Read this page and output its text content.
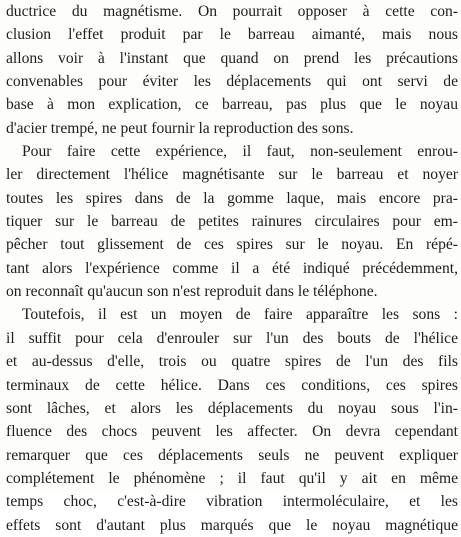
ductrice du magnétisme. On pourrait opposer à cette con-
clusion l'effet produit par le barreau aimanté, mais nous
allons voir à l'instant que quand on prend les précautions
convenables pour éviter les déplacements qui ont servi de
base à mon explication, ce barreau, pas plus que le noyau
d'acier trempé, ne peut fournir la reproduction des sons.
Pour faire cette expérience, il faut, non-seulement enrou-
ler directement l'hélice magnétisante sur le barreau et noyer
toutes les spires dans de la gomme laque, mais encore pra-
tiquer sur le barreau de petites rainures circulaires pour em-
pêcher tout glissement de ces spires sur le noyau. En répé-
tant alors l'expérience comme il a été indiqué précédemment,
on reconnaît qu'aucun son n'est reproduit dans le téléphone.
Toutefois, il est un moyen de faire apparaître les sons :
il suffit pour cela d'enrouler sur l'un des bouts de l'hélice
et au-dessus d'elle, trois ou quatre spires de l'un des fils
terminaux de cette hélice. Dans ces conditions, ces spires
sont lâches, et alors les déplacements du noyau sous l'in-
fluence des chocs peuvent les affecter. On devra cependant
remarquer que ces déplacements seuls ne peuvent expliquer
complétement le phénomène ; il faut qu'il y ait en même
temps choc, c'est-à-dire vibration intermoléculaire, et les
effets sont d'autant plus marqués que le noyau magnétique
